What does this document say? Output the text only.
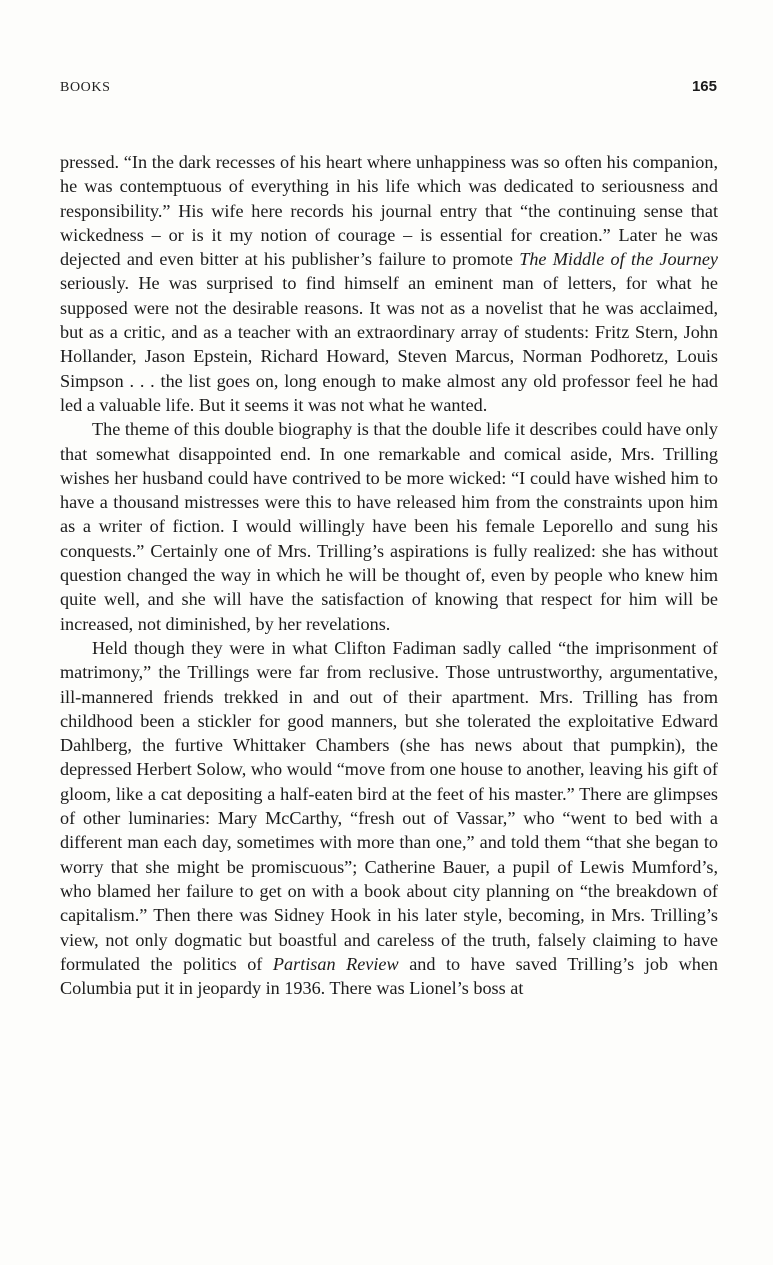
BOOKS	165

pressed. “In the dark recesses of his heart where unhappiness was so often his companion, he was contemptuous of everything in his life which was dedicated to seriousness and responsibility.” His wife here records his journal entry that “the continuing sense that wickedness – or is it my notion of courage – is essential for creation.” Later he was dejected and even bitter at his publisher’s failure to promote The Middle of the Journey seriously. He was surprised to find himself an eminent man of letters, for what he supposed were not the desirable reasons. It was not as a novelist that he was acclaimed, but as a critic, and as a teacher with an extraordinary array of students: Fritz Stern, John Hollander, Jason Epstein, Richard Howard, Steven Marcus, Norman Podhoretz, Louis Simpson . . . the list goes on, long enough to make almost any old professor feel he had led a valuable life. But it seems it was not what he wanted.

The theme of this double biography is that the double life it describes could have only that somewhat disappointed end. In one remarkable and comical aside, Mrs. Trilling wishes her husband could have contrived to be more wicked: “I could have wished him to have a thousand mistresses were this to have released him from the constraints upon him as a writer of fiction. I would willingly have been his female Leporello and sung his conquests.” Certainly one of Mrs. Trilling’s aspirations is fully realized: she has without question changed the way in which he will be thought of, even by people who knew him quite well, and she will have the satisfaction of knowing that respect for him will be increased, not diminished, by her revelations.

Held though they were in what Clifton Fadiman sadly called “the imprisonment of matrimony,” the Trillings were far from reclusive. Those untrustworthy, argumentative, ill-mannered friends trekked in and out of their apartment. Mrs. Trilling has from childhood been a stickler for good manners, but she tolerated the exploitative Edward Dahlberg, the furtive Whittaker Chambers (she has news about that pumpkin), the depressed Herbert Solow, who would “move from one house to another, leaving his gift of gloom, like a cat depositing a half-eaten bird at the feet of his master.” There are glimpses of other luminaries: Mary McCarthy, “fresh out of Vassar,” who “went to bed with a different man each day, sometimes with more than one,” and told them “that she began to worry that she might be promiscuous”; Catherine Bauer, a pupil of Lewis Mumford’s, who blamed her failure to get on with a book about city planning on “the breakdown of capitalism.” Then there was Sidney Hook in his later style, becoming, in Mrs. Trilling’s view, not only dogmatic but boastful and careless of the truth, falsely claiming to have formulated the politics of Partisan Review and to have saved Trilling’s job when Columbia put it in jeopardy in 1936. There was Lionel’s boss at
